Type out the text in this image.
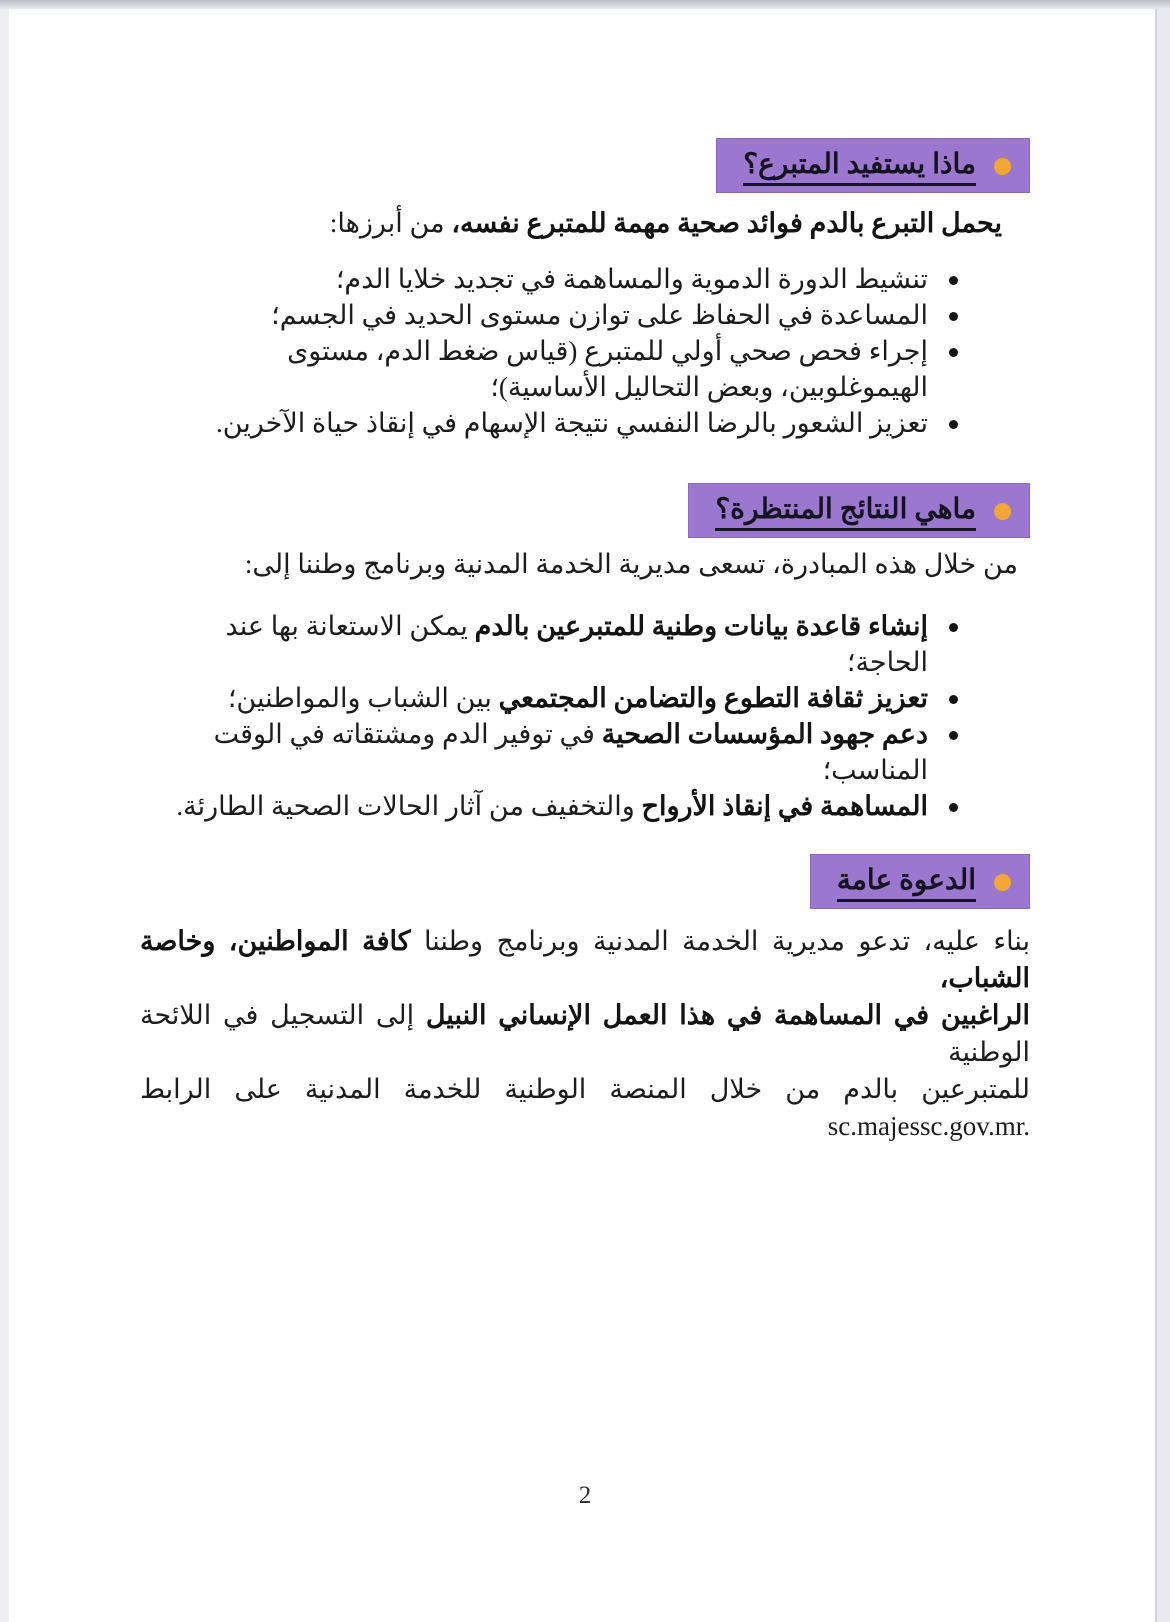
ماذا يستفيد المتبرع؟

يحمل التبرع بالدم فوائد صحية مهمة للمتبرع نفسه، من أبرزها:

تنشيط الدورة الدموية والمساهمة في تجديد خلايا الدم؛
المساعدة في الحفاظ على توازن مستوى الحديد في الجسم؛
إجراء فحص صحي أولي للمتبرع (قياس ضغط الدم، مستوى الهيموغلوبين، وبعض التحاليل الأساسية)؛
تعزيز الشعور بالرضا النفسي نتيجة الإسهام في إنقاذ حياة الآخرين.
ماهي النتائج المنتظرة؟

من خلال هذه المبادرة، تسعى مديرية الخدمة المدنية وبرنامج وطننا إلى:

إنشاء قاعدة بيانات وطنية للمتبرعين بالدم يمكن الاستعانة بها عند الحاجة؛
تعزيز ثقافة التطوع والتضامن المجتمعي بين الشباب والمواطنين؛
دعم جهود المؤسسات الصحية في توفير الدم ومشتقاته في الوقت المناسب؛
المساهمة في إنقاذ الأرواح والتخفيف من آثار الحالات الصحية الطارئة.
الدعوة عامة
بناء عليه، تدعو مديرية الخدمة المدنية وبرنامج وطننا كافة المواطنين، وخاصة الشباب،
الراغبين في المساهمة في هذا العمل الإنساني النبيل إلى التسجيل في اللائحة الوطنية
للمتبرعين بالدم من خلال المنصة الوطنية للخدمة المدنية على الرابط
sc.majessc.gov.mr.
2
